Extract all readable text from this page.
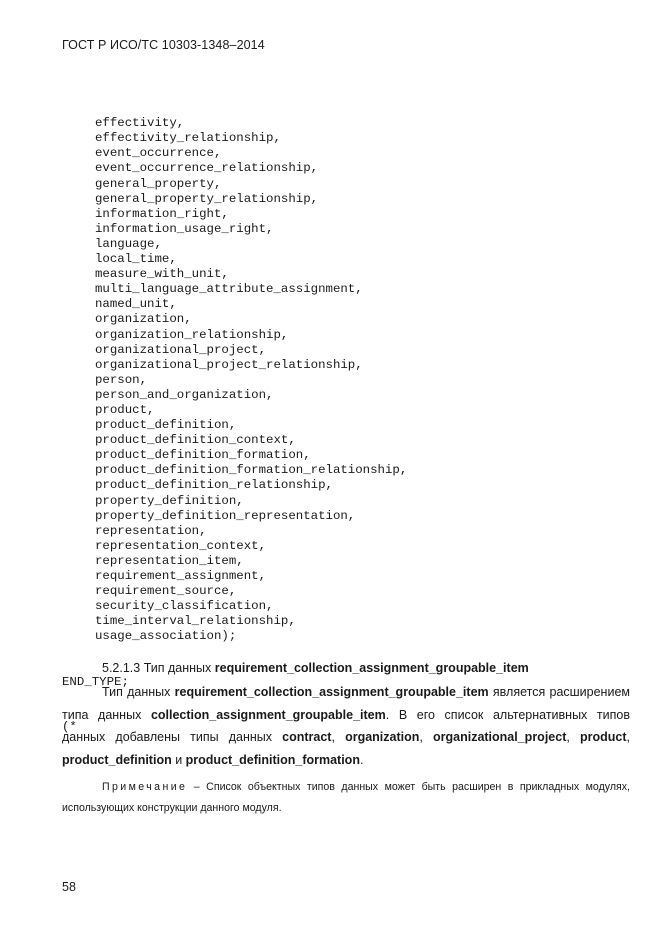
ГОСТ Р ИСО/ТС 10303-1348–2014

effectivity,
effectivity_relationship,
event_occurrence,
event_occurrence_relationship,
general_property,
general_property_relationship,
information_right,
information_usage_right,
language,
local_time,
measure_with_unit,
multi_language_attribute_assignment,
named_unit,
organization,
organization_relationship,
organizational_project,
organizational_project_relationship,
person,
person_and_organization,
product,
product_definition,
product_definition_context,
product_definition_formation,
product_definition_formation_relationship,
product_definition_relationship,
property_definition,
property_definition_representation,
representation,
representation_context,
representation_item,
requirement_assignment,
requirement_source,
security_classification,
time_interval_relationship,
usage_association);

END_TYPE;

(*

5.2.1.3 Тип данных requirement_collection_assignment_groupable_item
Тип данных requirement_collection_assignment_groupable_item является расширением типа данных collection_assignment_groupable_item. В его список альтернативных типов данных добавлены типы данных contract, organization, organizational_project, product, product_definition и product_definition_formation.
Примечание – Список объектных типов данных может быть расширен в прикладных модулях, использующих конструкции данного модуля.
58
